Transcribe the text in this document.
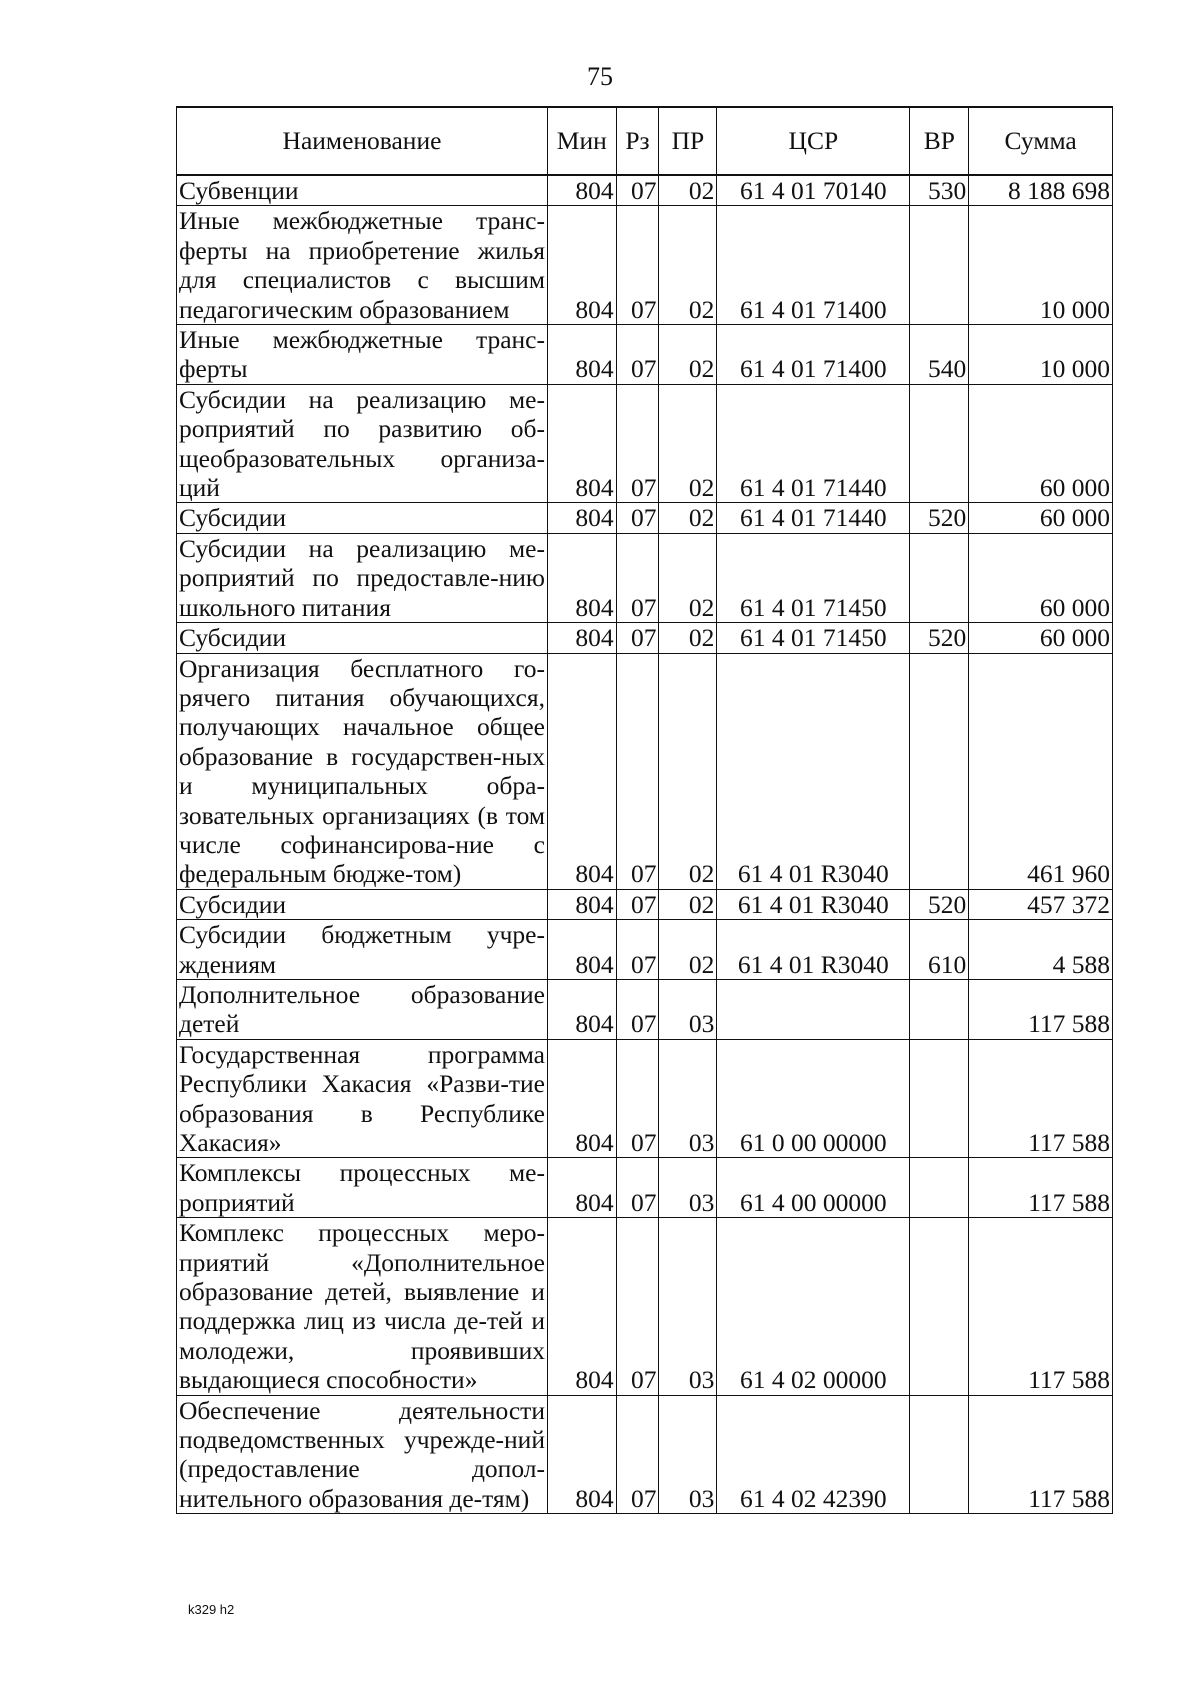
75
Наименование	Мин	Рз	ПР	ЦСР	ВР	Сумма
Субвенции	804	07	02	61 4 01 70140	530	8 188 698
Иные межбюджетные транс-ферты на приобретение жилья для специалистов с высшим педагогическим образованием	804	07	02	61 4 01 71400		10 000
Иные межбюджетные транс-ферты	804	07	02	61 4 01 71400	540	10 000
Субсидии на реализацию ме-роприятий по развитию об-щеобразовательных организа-ций	804	07	02	61 4 01 71440		60 000
Субсидии	804	07	02	61 4 01 71440	520	60 000
Субсидии на реализацию ме-роприятий по предоставле-нию школьного питания	804	07	02	61 4 01 71450		60 000
Субсидии	804	07	02	61 4 01 71450	520	60 000
Организация бесплатного го-рячего питания обучающихся, получающих начальное общее образование в государствен-ных и муниципальных обра-зовательных организациях (в том числе софинансирова-ние с федеральным бюдже-том)	804	07	02	61 4 01 R3040		461 960
Субсидии	804	07	02	61 4 01 R3040	520	457 372
Субсидии бюджетным учре-ждениям	804	07	02	61 4 01 R3040	610	4 588
Дополнительное образование детей	804	07	03			117 588
Государственная программа Республики Хакасия «Разви-тие образования в Республике Хакасия»	804	07	03	61 0 00 00000		117 588
Комплексы процессных ме-роприятий	804	07	03	61 4 00 00000		117 588
Комплекс процессных меро-приятий «Дополнительное образование детей, выявление и поддержка лиц из числа де-тей и молодежи, проявивших выдающиеся способности»	804	07	03	61 4 02 00000		117 588
Обеспечение деятельности подведомственных учрежде-ний (предоставление допол-нительного образования де-тям)	804	07	03	61 4 02 42390		117 588
k329 h2
